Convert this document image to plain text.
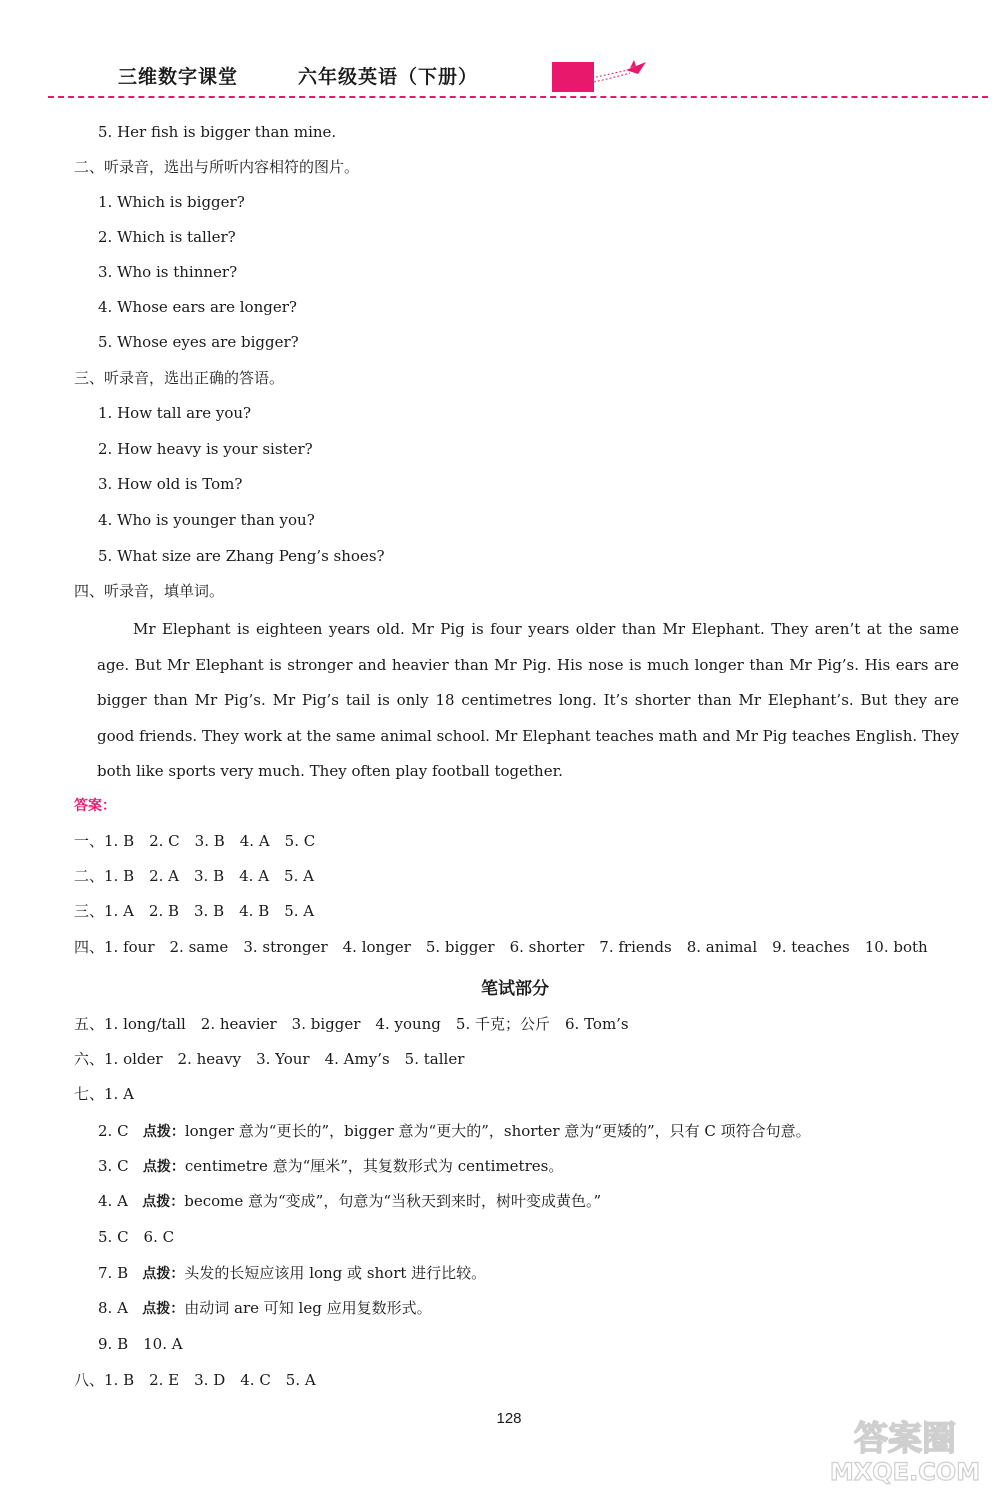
三维数字课堂	六年级英语（下册）
5. Her fish is bigger than mine.
二、听录音，选出与所听内容相符的图片。
1. Which is bigger?
2. Which is taller?
3. Who is thinner?
4. Whose ears are longer?
5. Whose eyes are bigger?
三、听录音，选出正确的答语。
1. How tall are you?
2. How heavy is your sister?
3. How old is Tom?
4. Who is younger than you?
5. What size are Zhang Peng’s shoes?
四、听录音，填单词。

Mr Elephant is eighteen years old. Mr Pig is four years older than Mr Elephant. They aren’t at the same age. But Mr Elephant is stronger and heavier than Mr Pig. His nose is much longer than Mr Pig’s. His ears are bigger than Mr Pig’s. Mr Pig’s tail is only 18 centimetres long. It’s shorter than Mr Elephant’s. But they are good friends. They work at the same animal school. Mr Elephant teaches math and Mr Pig teaches English. They both like sports very much. They often play football together.

答案：
一、1. B　2. C　3. B　4. A　5. C
二、1. B　2. A　3. B　4. A　5. A
三、1. A　2. B　3. B　4. B　5. A
四、1. four　2. same　3. stronger　4. longer　5. bigger　6. shorter　7. friends　8. animal　9. teaches　10. both
笔试部分
五、1. long/tall　2. heavier　3. bigger　4. young　5. 千克；公斤　6. Tom’s
六、1. older　2. heavy　3. Your　4. Amy’s　5. taller
七、1. A
2. C 点拨：longer 意为“更长的”，bigger 意为“更大的”，shorter 意为“更矮的”，只有 C 项符合句意。
3. C 点拨：centimetre 意为“厘米”，其复数形式为 centimetres。
4. A 点拨：become 意为“变成”，句意为“当秋天到来时，树叶变成黄色。”
5. C　6. C
7. B 点拨：头发的长短应该用 long 或 short 进行比较。
8. A 点拨：由动词 are 可知 leg 应用复数形式。
9. B　10. A
八、1. B　2. E　3. D　4. C　5. A
128
答案圈
MXQE.COM
